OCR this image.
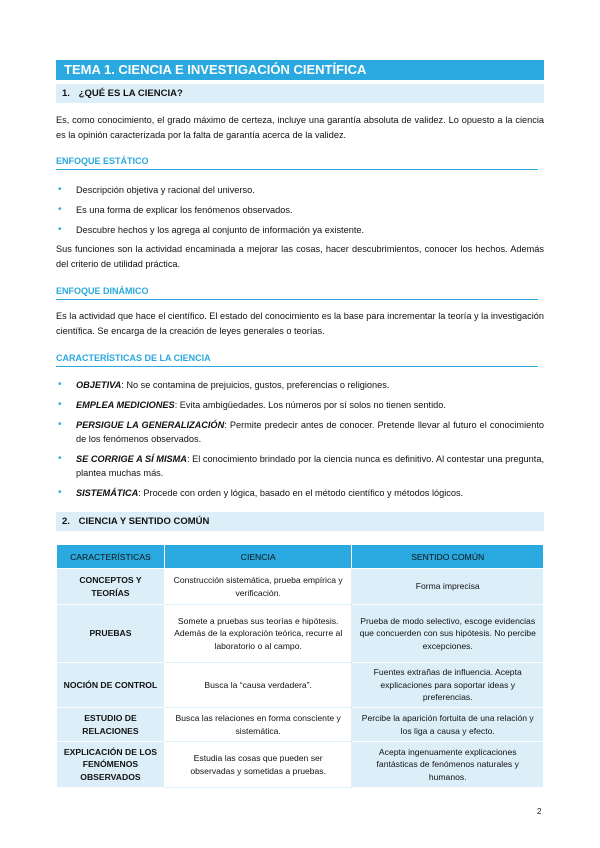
TEMA 1. CIENCIA E INVESTIGACIÓN CIENTÍFICA
1. ¿QUÉ ES LA CIENCIA?
Es, como conocimiento, el grado máximo de certeza, incluye una garantía absoluta de validez. Lo opuesto a la ciencia es la opinión caracterizada por la falta de garantía acerca de la validez.
ENFOQUE ESTÁTICO
• Descripción objetiva y racional del universo.
• Es una forma de explicar los fenómenos observados.
• Descubre hechos y los agrega al conjunto de información ya existente.
Sus funciones son la actividad encaminada a mejorar las cosas, hacer descubrimientos, conocer los hechos. Además del criterio de utilidad práctica.
ENFOQUE DINÁMICO
Es la actividad que hace el científico. El estado del conocimiento es la base para incrementar la teoría y la investigación científica. Se encarga de la creación de leyes generales o teorías.
CARACTERÍSTICAS DE LA CIENCIA
• OBJETIVA: No se contamina de prejuicios, gustos, preferencias o religiones.
• EMPLEA MEDICIONES: Evita ambigüedades. Los números por sí solos no tienen sentido.
• PERSIGUE LA GENERALIZACIÓN: Permite predecir antes de conocer. Pretende llevar al futuro el conocimiento de los fenómenos observados.
• SE CORRIGE A SÍ MISMA: El conocimiento brindado por la ciencia nunca es definitivo. Al contestar una pregunta, plantea muchas más.
• SISTEMÁTICA: Procede con orden y lógica, basado en el método científico y métodos lógicos.
2. CIENCIA Y SENTIDO COMÚN
CARACTERÍSTICAS	CIENCIA	SENTIDO COMÚN
CONCEPTOS Y TEORÍAS	Construcción sistemática, prueba empírica y verificación.	Forma imprecisa
PRUEBAS	Somete a pruebas sus teorías e hipótesis. Además de la exploración teórica, recurre al laboratorio o al campo.	Prueba de modo selectivo, escoge evidencias que concuerden con sus hipótesis. No percibe excepciones.
NOCIÓN DE CONTROL	Busca la “causa verdadera”.	Fuentes extrañas de influencia. Acepta explicaciones para soportar ideas y preferencias.
ESTUDIO DE RELACIONES	Busca las relaciones en forma consciente y sistemática.	Percibe la aparición fortuita de una relación y los liga a causa y efecto.
EXPLICACIÓN DE LOS FENÓMENOS OBSERVADOS	Estudia las cosas que pueden ser observadas y sometidas a pruebas.	Acepta ingenuamente explicaciones fantásticas de fenómenos naturales y humanos.
2
